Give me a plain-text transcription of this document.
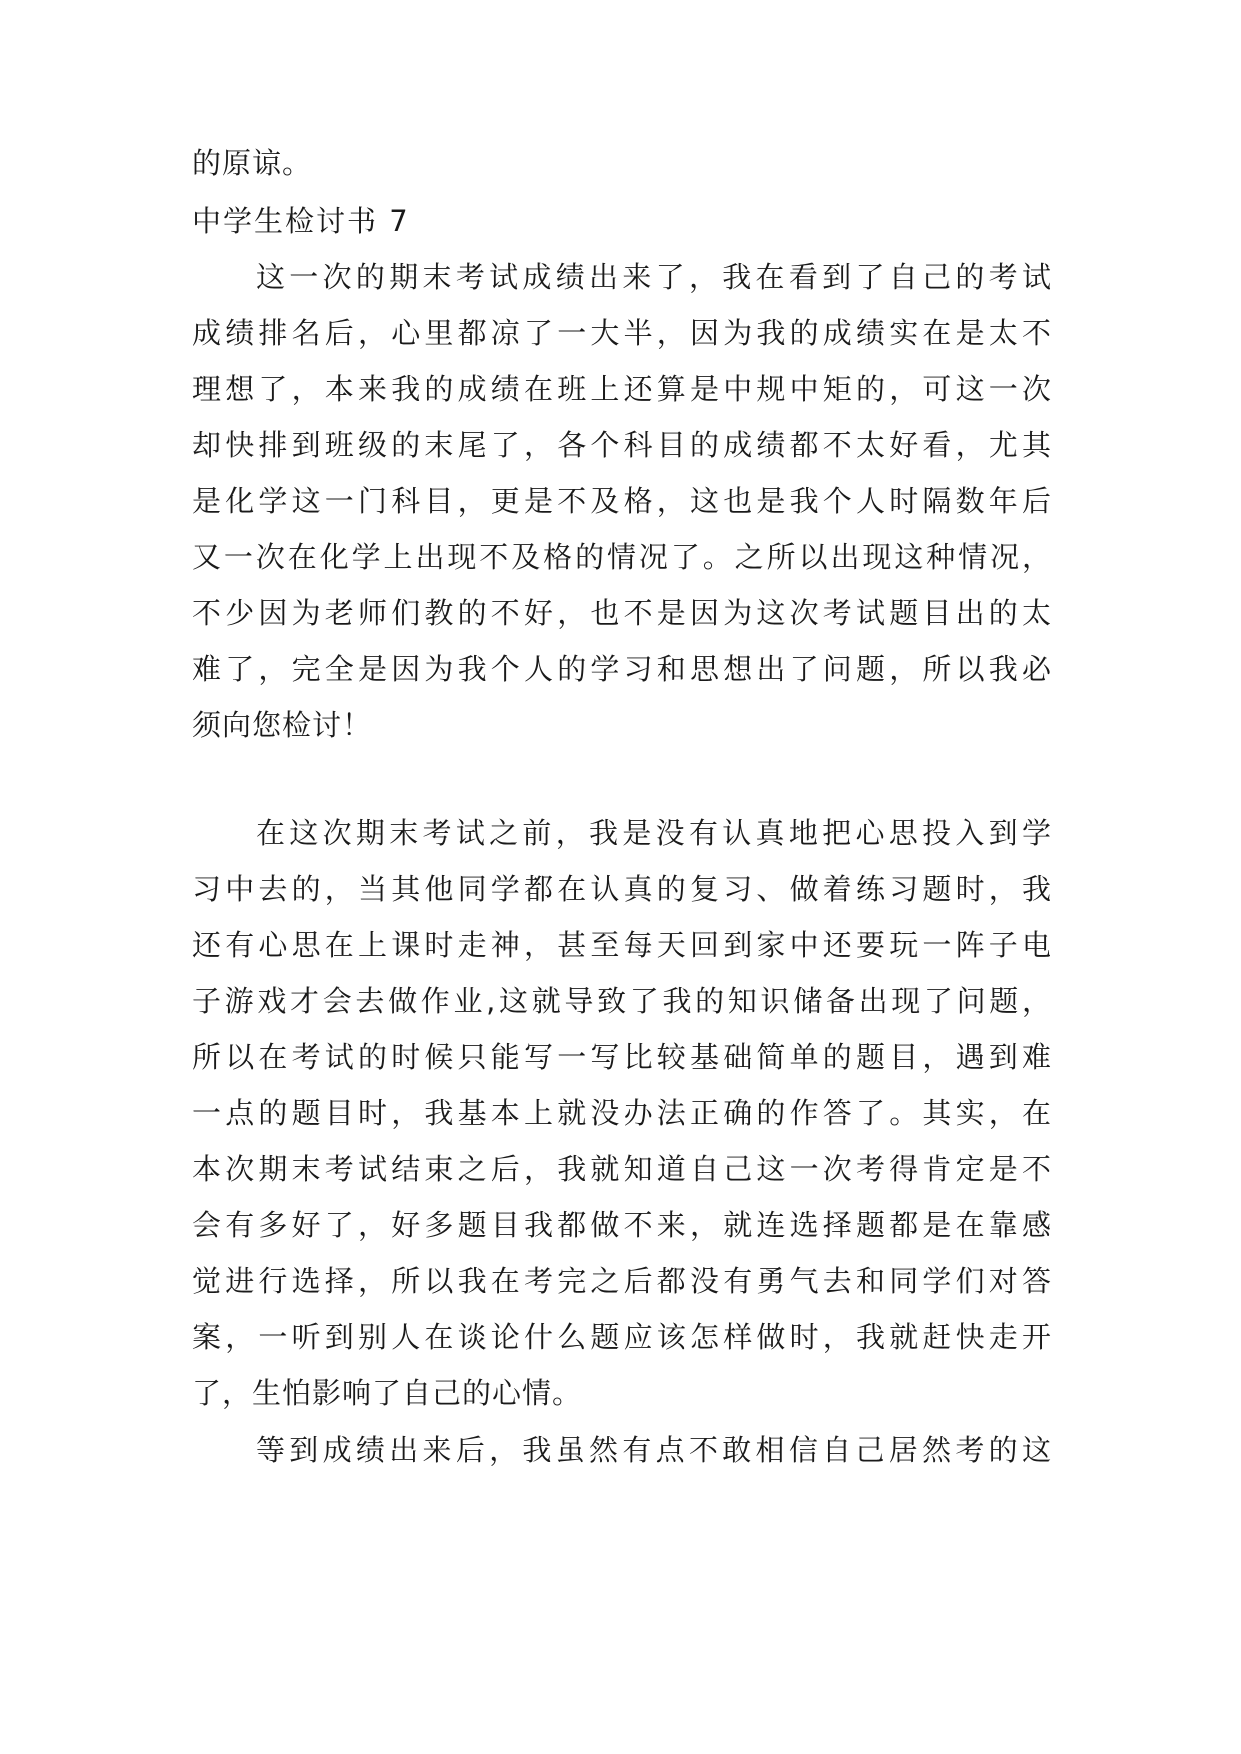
的原谅。
中学生检讨书 7
这一次的期末考试成绩出来了，我在看到了自己的考试
成绩排名后，心里都凉了一大半，因为我的成绩实在是太不
理想了，本来我的成绩在班上还算是中规中矩的，可这一次
却快排到班级的末尾了，各个科目的成绩都不太好看，尤其
是化学这一门科目，更是不及格，这也是我个人时隔数年后
又一次在化学上出现不及格的情况了。之所以出现这种情况，
不少因为老师们教的不好，也不是因为这次考试题目出的太
难了，完全是因为我个人的学习和思想出了问题，所以我必
须向您检讨！
在这次期末考试之前，我是没有认真地把心思投入到学
习中去的，当其他同学都在认真的复习、做着练习题时，我
还有心思在上课时走神，甚至每天回到家中还要玩一阵子电
子游戏才会去做作业,这就导致了我的知识储备出现了问题，
所以在考试的时候只能写一写比较基础简单的题目，遇到难
一点的题目时，我基本上就没办法正确的作答了。其实，在
本次期末考试结束之后，我就知道自己这一次考得肯定是不
会有多好了，好多题目我都做不来，就连选择题都是在靠感
觉进行选择，所以我在考完之后都没有勇气去和同学们对答
案，一听到别人在谈论什么题应该怎样做时，我就赶快走开
了，生怕影响了自己的心情。
等到成绩出来后，我虽然有点不敢相信自己居然考的这
